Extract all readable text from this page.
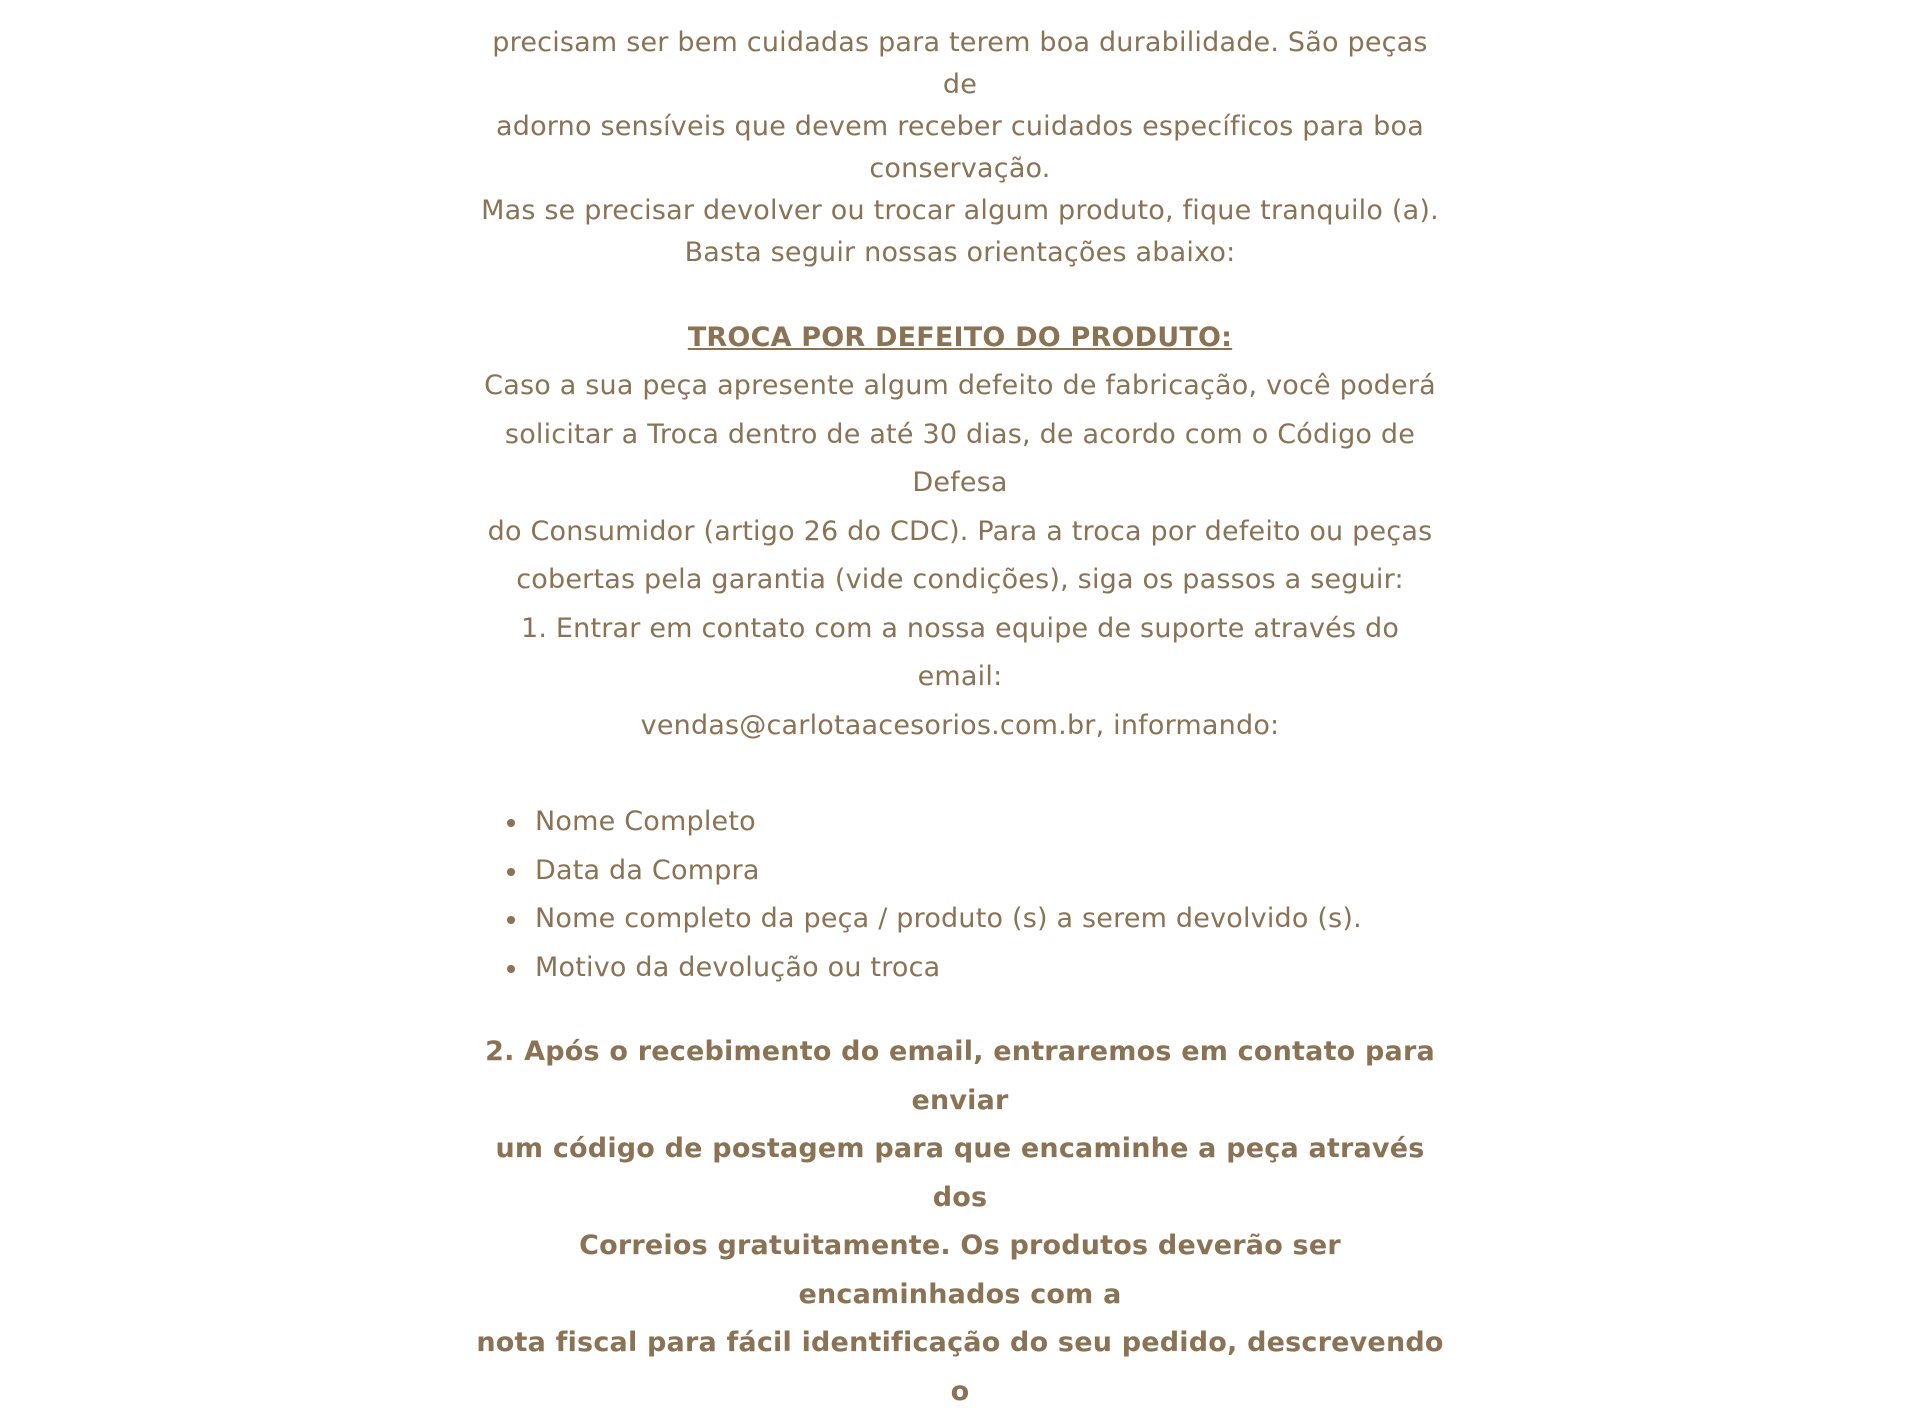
precisam ser bem cuidadas para terem boa durabilidade. São peças de

adorno sensíveis que devem receber cuidados específicos para boa

conservação.

Mas se precisar devolver ou trocar algum produto, fique tranquilo (a).

Basta seguir nossas orientações abaixo:

TROCA POR DEFEITO DO PRODUTO:

Caso a sua peça apresente algum defeito de fabricação, você poderá

solicitar a Troca dentro de até 30 dias, de acordo com o Código de Defesa

do Consumidor (artigo 26 do CDC). Para a troca por defeito ou peças

cobertas pela garantia (vide condições), siga os passos a seguir:

1. Entrar em contato com a nossa equipe de suporte através do email:

vendas@carlotaacesorios.com.br, informando:

Nome Completo
Data da Compra
Nome completo da peça / produto (s) a serem devolvido (s).
Motivo da devolução ou troca

2. Após o recebimento do email, entraremos em contato para enviar

um código de postagem para que encaminhe a peça através dos

Correios gratuitamente. Os produtos deverão ser encaminhados com a

nota fiscal para fácil identificação do seu pedido, descrevendo o
